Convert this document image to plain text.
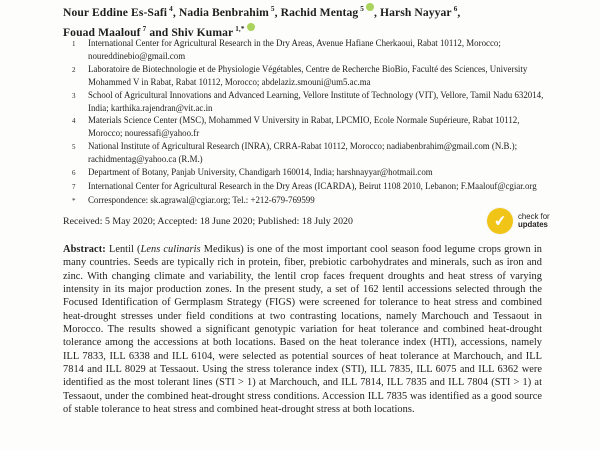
Nour Eddine Es-Safi $^4$, Nadia Benbrahim $^5$, Rachid Mentag $^5$ , Harsh Nayyar $^6$,
Fouad Maalouf $^7$ and Shiv Kumar $^{1,*}$
1	International Center for Agricultural Research in the Dry Areas, Avenue Hafiane Cherkaoui, Rabat 10112, Morocco; noureddinebio@gmail.com
2	Laboratoire de Biotechnologie et de Physiologie Végétables, Centre de Recherche BioBio, Faculté des Sciences, University Mohammed V in Rabat, Rabat 10112, Morocco; abdelaziz.smouni@um5.ac.ma
3	School of Agricultural Innovations and Advanced Learning, Vellore Institute of Technology (VIT), Vellore, Tamil Nadu 632014, India; karthika.rajendran@vit.ac.in
4	Materials Science Center (MSC), Mohammed V University in Rabat, LPCMIO, Ecole Normale Supérieure, Rabat 10112, Morocco; nouressafi@yahoo.fr
5	National Institute of Agricultural Research (INRA), CRRA-Rabat 10112, Morocco; nadiabenbrahim@gmail.com (N.B.); rachidmentag@yahoo.ca (R.M.)
6	Department of Botany, Panjab University, Chandigarh 160014, India; harshnayyar@hotmail.com
7	International Center for Agricultural Research in the Dry Areas (ICARDA), Beirut 1108 2010, Lebanon; F.Maalouf@cgiar.org
*	Correspondence: sk.agrawal@cgiar.org; Tel.: +212-679-769599
Received: 5 May 2020; Accepted: 18 June 2020; Published: 18 July 2020	✔ check for
updates

Abstract: Lentil (Lens culinaris Medikus) is one of the most important cool season food legume crops grown in many countries. Seeds are typically rich in protein, fiber, prebiotic carbohydrates and minerals, such as iron and zinc. With changing climate and variability, the lentil crop faces frequent droughts and heat stress of varying intensity in its major production zones. In the present study, a set of 162 lentil accessions selected through the Focused Identification of Germplasm Strategy (FIGS) were screened for tolerance to heat stress and combined heat-drought stresses under field conditions at two contrasting locations, namely Marchouch and Tessaout in Morocco. The results showed a significant genotypic variation for heat tolerance and combined heat-drought tolerance among the accessions at both locations. Based on the heat tolerance index (HTI), accessions, namely ILL 7833, ILL 6338 and ILL 6104, were selected as potential sources of heat tolerance at Marchouch, and ILL 7814 and ILL 8029 at Tessaout. Using the stress tolerance index (STI), ILL 7835, ILL 6075 and ILL 6362 were identified as the most tolerant lines (STI > 1) at Marchouch, and ILL 7814, ILL 7835 and ILL 7804 (STI > 1) at Tessaout, under the combined heat-drought stress conditions. Accession ILL 7835 was identified as a good source of stable tolerance to heat stress and combined heat-drought stress at both locations.
